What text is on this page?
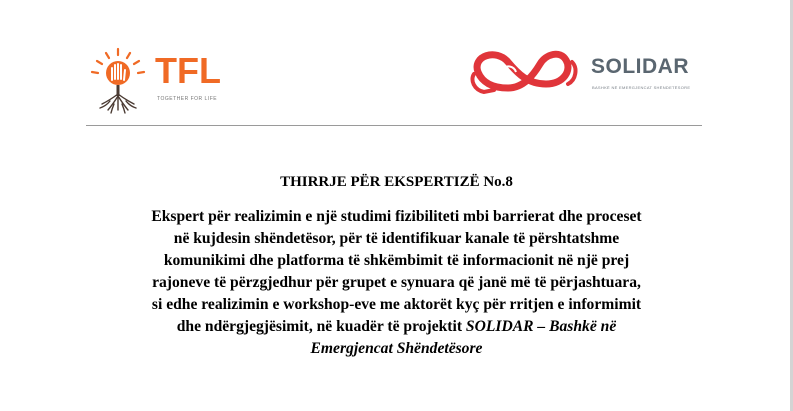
TFL
TOGETHER FOR LIFE
SOLIDAR
BASHKË NË EMERGJENCAT SHËNDETËSORE
THIRRJE PËR EKSPERTIZË No.8
Ekspert për realizimin e një studimi fizibiliteti mbi barrierat dhe proceset
në kujdesin shëndetësor, për të identifikuar kanale të përshtatshme
komunikimi dhe platforma të shkëmbimit të informacionit në një prej
rajoneve të përzgjedhur për grupet e synuara që janë më të përjashtuara,
si edhe realizimin e workshop-eve me aktorët kyç për rritjen e informimit
dhe ndërgjegjësimit, në kuadër të projektit SOLIDAR – Bashkë në
Emergjencat Shëndetësore
